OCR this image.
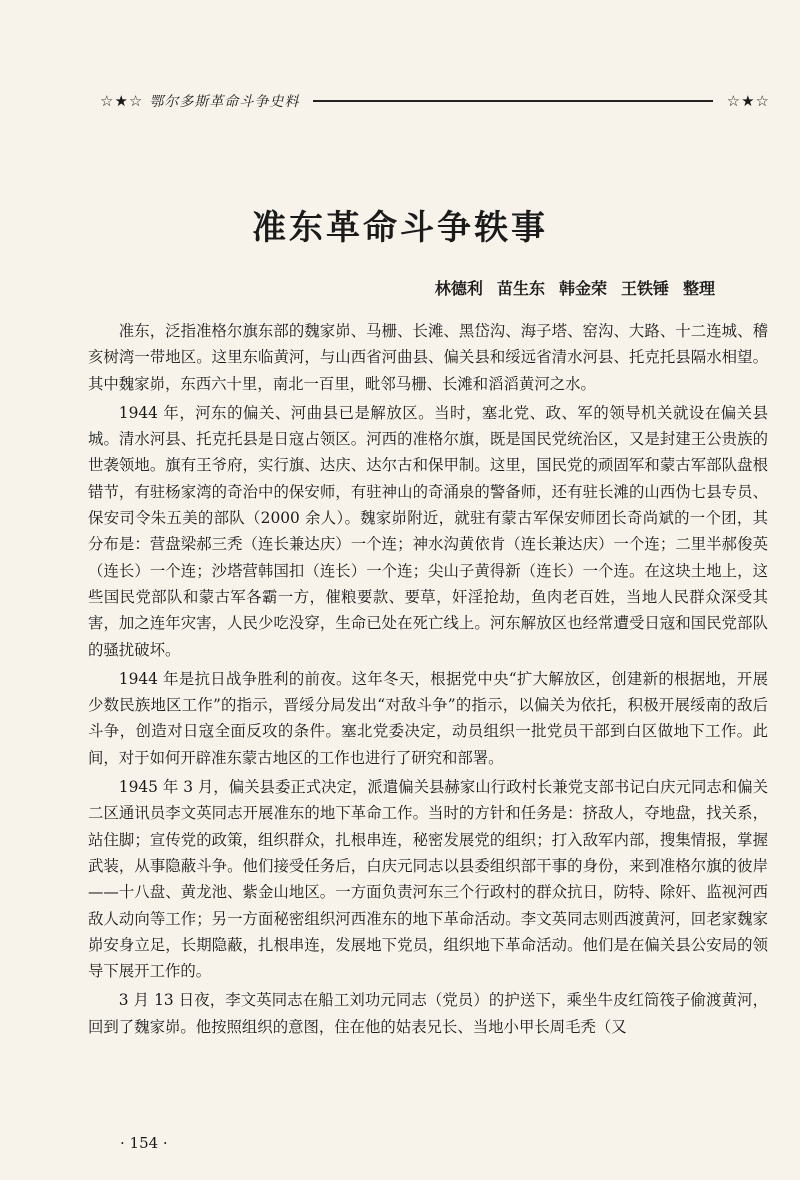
☆★☆ 鄂尔多斯革命斗争史料	☆★☆
准东革命斗争轶事
林德利 苗生东 韩金荣 王铁锤 整理

准东，泛指准格尔旗东部的魏家峁、马栅、长滩、黑岱沟、海子塔、窑沟、大路、十二连城、稽亥树湾一带地区。这里东临黄河，与山西省河曲县、偏关县和绥远省清水河县、托克托县隔水相望。其中魏家峁，东西六十里，南北一百里，毗邻马栅、长滩和滔滔黄河之水。

1944 年，河东的偏关、河曲县已是解放区。当时，塞北党、政、军的领导机关就设在偏关县城。清水河县、托克托县是日寇占领区。河西的准格尔旗，既是国民党统治区，又是封建王公贵族的世袭领地。旗有王爷府，实行旗、达庆、达尔古和保甲制。这里，国民党的顽固军和蒙古军部队盘根错节，有驻杨家湾的奇治中的保安师，有驻神山的奇涌泉的警备师，还有驻长滩的山西伪七县专员、保安司令朱五美的部队（2000 余人）。魏家峁附近，就驻有蒙古军保安师团长奇尚斌的一个团，其分布是：营盘梁郝三秃（连长兼达庆）一个连；神水沟黄依肯（连长兼达庆）一个连；二里半郝俊英（连长）一个连；沙塔营韩国扣（连长）一个连；尖山子黄得新（连长）一个连。在这块土地上，这些国民党部队和蒙古军各霸一方，催粮要款、要草，奸淫抢劫，鱼肉老百姓，当地人民群众深受其害，加之连年灾害，人民少吃没穿，生命已处在死亡线上。河东解放区也经常遭受日寇和国民党部队的骚扰破坏。

1944 年是抗日战争胜利的前夜。这年冬天，根据党中央“扩大解放区，创建新的根据地，开展少数民族地区工作”的指示，晋绥分局发出“对敌斗争”的指示，以偏关为依托，积极开展绥南的敌后斗争，创造对日寇全面反攻的条件。塞北党委决定，动员组织一批党员干部到白区做地下工作。此间，对于如何开辟准东蒙古地区的工作也进行了研究和部署。

1945 年 3 月，偏关县委正式决定，派遣偏关县赫家山行政村长兼党支部书记白庆元同志和偏关二区通讯员李文英同志开展准东的地下革命工作。当时的方针和任务是：挤敌人，夺地盘，找关系，站住脚；宣传党的政策，组织群众，扎根串连，秘密发展党的组织；打入敌军内部，搜集情报，掌握武装，从事隐蔽斗争。他们接受任务后，白庆元同志以县委组织部干事的身份，来到准格尔旗的彼岸——十八盘、黄龙池、紫金山地区。一方面负责河东三个行政村的群众抗日，防特、除奸、监视河西敌人动向等工作；另一方面秘密组织河西准东的地下革命活动。李文英同志则西渡黄河，回老家魏家峁安身立足，长期隐蔽，扎根串连，发展地下党员，组织地下革命活动。他们是在偏关县公安局的领导下展开工作的。

3 月 13 日夜，李文英同志在船工刘功元同志（党员）的护送下，乘坐牛皮红筒筏子偷渡黄河，回到了魏家峁。他按照组织的意图，住在他的姑表兄长、当地小甲长周毛秃（又

· 154 ·
